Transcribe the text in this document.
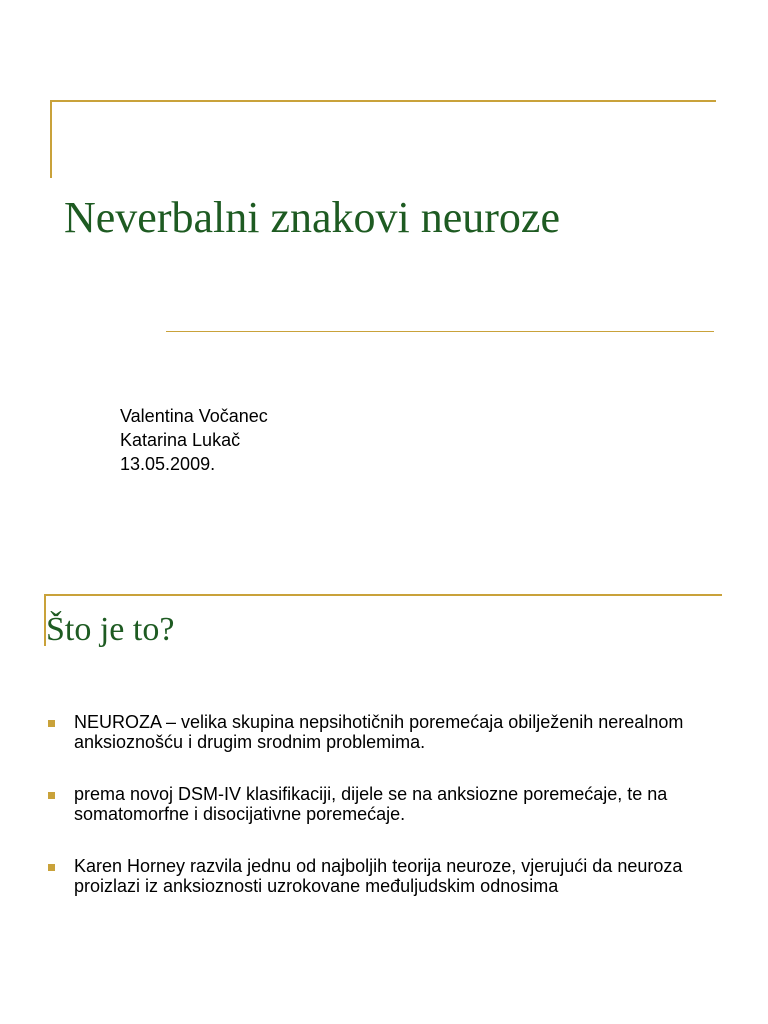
Neverbalni znakovi neuroze
Valentina Vočanec
Katarina Lukač
13.05.2009.
Što je to?
NEUROZA – velika skupina nepsihotičnih poremećaja obilježenih nerealnom anksioznošću i drugim srodnim problemima.
prema novoj DSM-IV klasifikaciji, dijele se na anksiozne poremećaje, te na somatomorfne i disocijativne poremećaje.
Karen Horney razvila jednu od najboljih teorija neuroze, vjerujući da neuroza proizlazi iz anksioznosti uzrokovane međuljudskim odnosima
